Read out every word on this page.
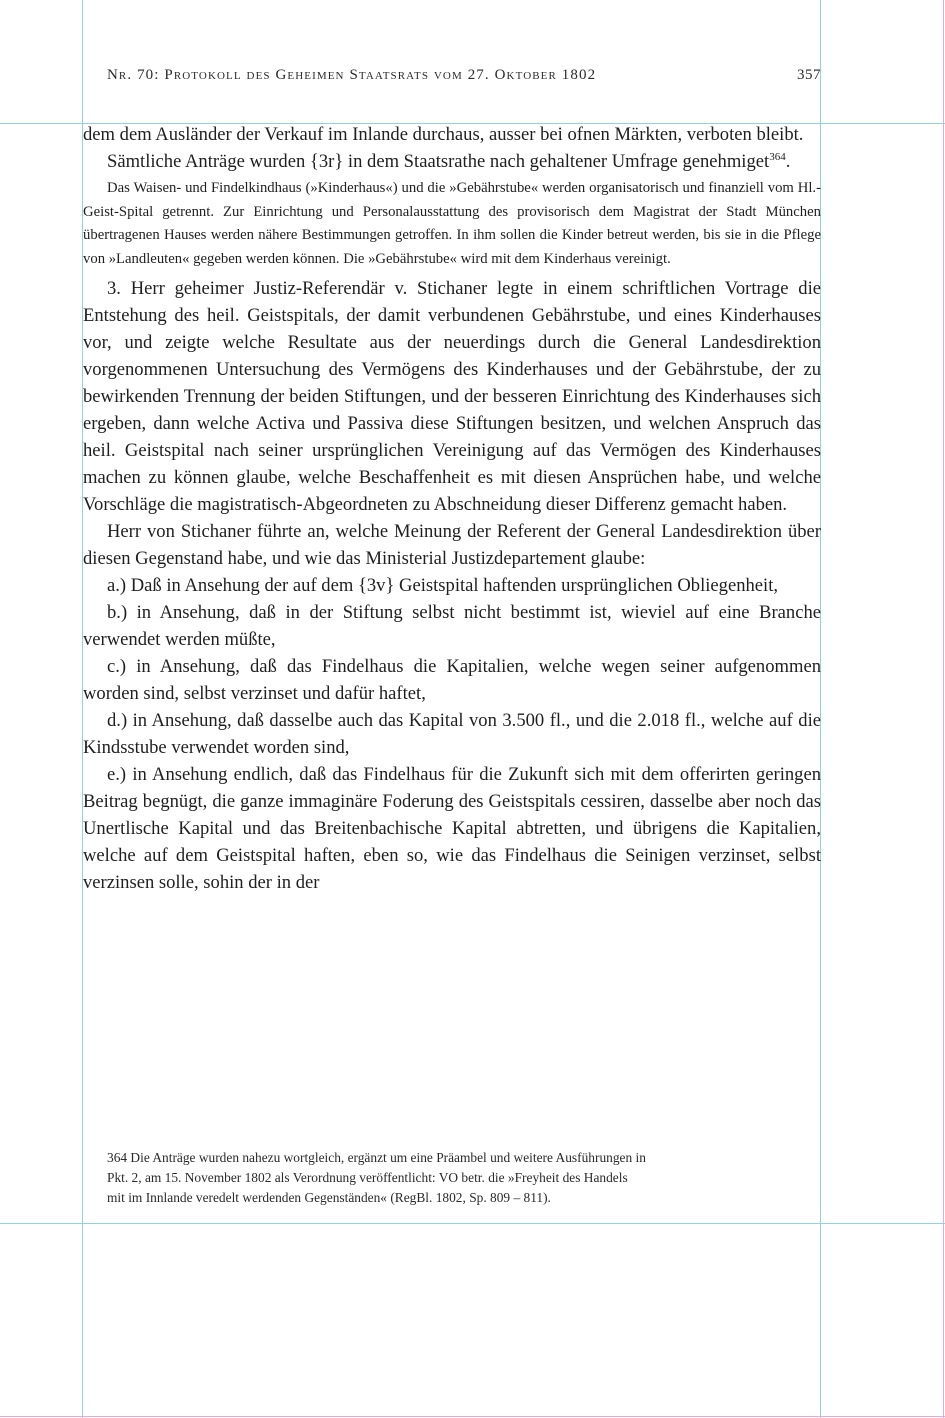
Nr. 70: Protokoll des Geheimen Staatsrats vom 27. Oktober 1802	357

dem dem Ausländer der Verkauf im Inlande durchaus, ausser bei ofnen Märkten, verboten bleibt.

Sämtliche Anträge wurden {3r} in dem Staatsrathe nach gehaltener Umfrage genehmiget$^{364}$.

Das Waisen- und Findelkindhaus (»Kinderhaus«) und die »Gebährstube« werden organisatorisch und finanziell vom Hl.-Geist-Spital getrennt. Zur Einrichtung und Personalausstattung des provisorisch dem Magistrat der Stadt München übertragenen Hauses werden nähere Bestimmungen getroffen. In ihm sollen die Kinder betreut werden, bis sie in die Pflege von »Landleuten« gegeben werden können. Die »Gebährstube« wird mit dem Kinderhaus vereinigt.

3. Herr geheimer Justiz-Referendär v. Stichaner legte in einem schriftlichen Vortrage die Entstehung des heil. Geistspitals, der damit verbundenen Gebährstube, und eines Kinderhauses vor, und zeigte welche Resultate aus der neuerdings durch die General Landesdirektion vorgenommenen Untersuchung des Vermögens des Kinderhauses und der Gebährstube, der zu bewirkenden Trennung der beiden Stiftungen, und der besseren Einrichtung des Kinderhauses sich ergeben, dann welche Activa und Passiva diese Stiftungen besitzen, und welchen Anspruch das heil. Geistspital nach seiner ursprünglichen Vereinigung auf das Vermögen des Kinderhauses machen zu können glaube, welche Beschaffenheit es mit diesen Ansprüchen habe, und welche Vorschläge die magistratisch-Abgeordneten zu Abschneidung dieser Differenz gemacht haben.

Herr von Stichaner führte an, welche Meinung der Referent der General Landesdirektion über diesen Gegenstand habe, und wie das Ministerial Justizdepartement glaube:

a.) Daß in Ansehung der auf dem {3v} Geistspital haftenden ursprünglichen Obliegenheit,

b.) in Ansehung, daß in der Stiftung selbst nicht bestimmt ist, wieviel auf eine Branche verwendet werden müßte,

c.) in Ansehung, daß das Findelhaus die Kapitalien, welche wegen seiner aufgenommen worden sind, selbst verzinset und dafür haftet,

d.) in Ansehung, daß dasselbe auch das Kapital von 3.500 fl., und die 2.018 fl., welche auf die Kindsstube verwendet worden sind,

e.) in Ansehung endlich, daß das Findelhaus für die Zukunft sich mit dem offerirten geringen Beitrag begnügt, die ganze immaginäre Foderung des Geistspitals cessiren, dasselbe aber noch das Unertlische Kapital und das Breitenbachische Kapital abtretten, und übrigens die Kapitalien, welche auf dem Geistspital haften, eben so, wie das Findelhaus die Seinigen verzinset, selbst verzinsen solle, sohin der in der

364 Die Anträge wurden nahezu wortgleich, ergänzt um eine Präambel und weitere Ausführungen in Pkt. 2, am 15. November 1802 als Verordnung veröffentlicht: VO betr. die »Freyheit des Handels mit im Innlande veredelt werdenden Gegenständen« (RegBl. 1802, Sp. 809 – 811).
